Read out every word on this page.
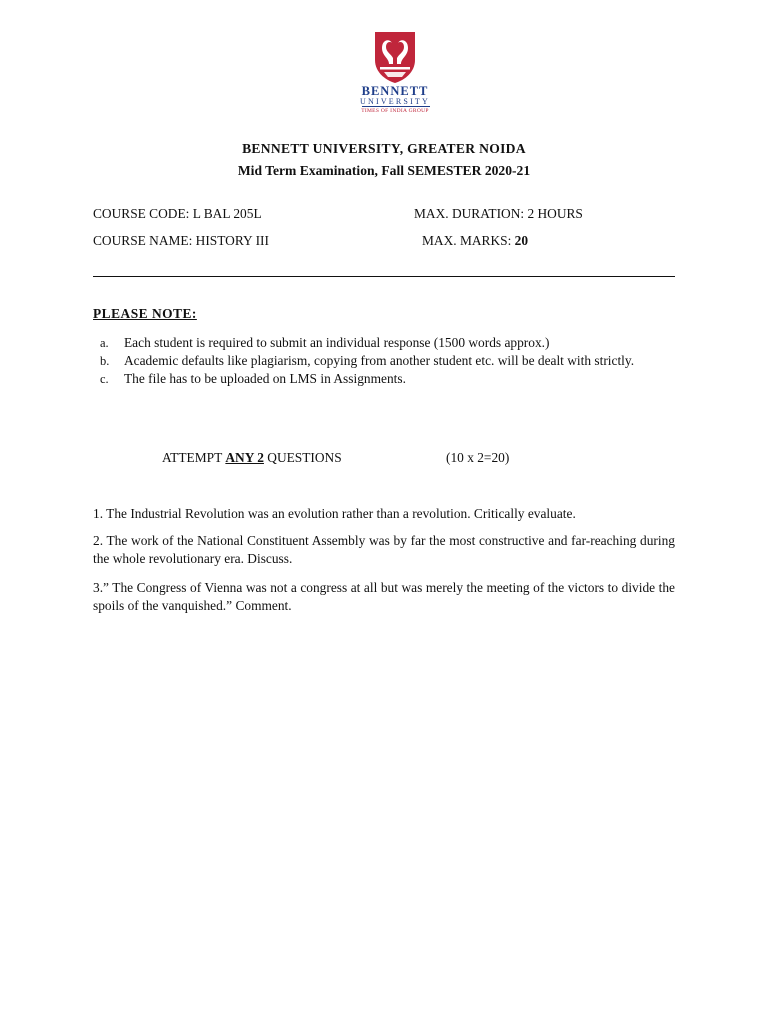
BENNETT
UNIVERSITY
TIMES OF INDIA GROUP
BENNETT UNIVERSITY, GREATER NOIDA
Mid Term Examination, Fall SEMESTER 2020-21
COURSE CODE: L BAL 205L	MAX. DURATION: 2 HOURS
COURSE NAME: HISTORY III	MAX. MARKS: 20
PLEASE NOTE:
a. Each student is required to submit an individual response (1500 words approx.)
b. Academic defaults like plagiarism, copying from another student etc. will be dealt with strictly.
c. The file has to be uploaded on LMS in Assignments.
ATTEMPT ANY 2 QUESTIONS	(10 x 2=20)
1. The Industrial Revolution was an evolution rather than a revolution. Critically evaluate.
2. The work of the National Constituent Assembly was by far the most constructive and far-reaching during the whole revolutionary era. Discuss.
3.” The Congress of Vienna was not a congress at all but was merely the meeting of the victors to divide the spoils of the vanquished.” Comment.
